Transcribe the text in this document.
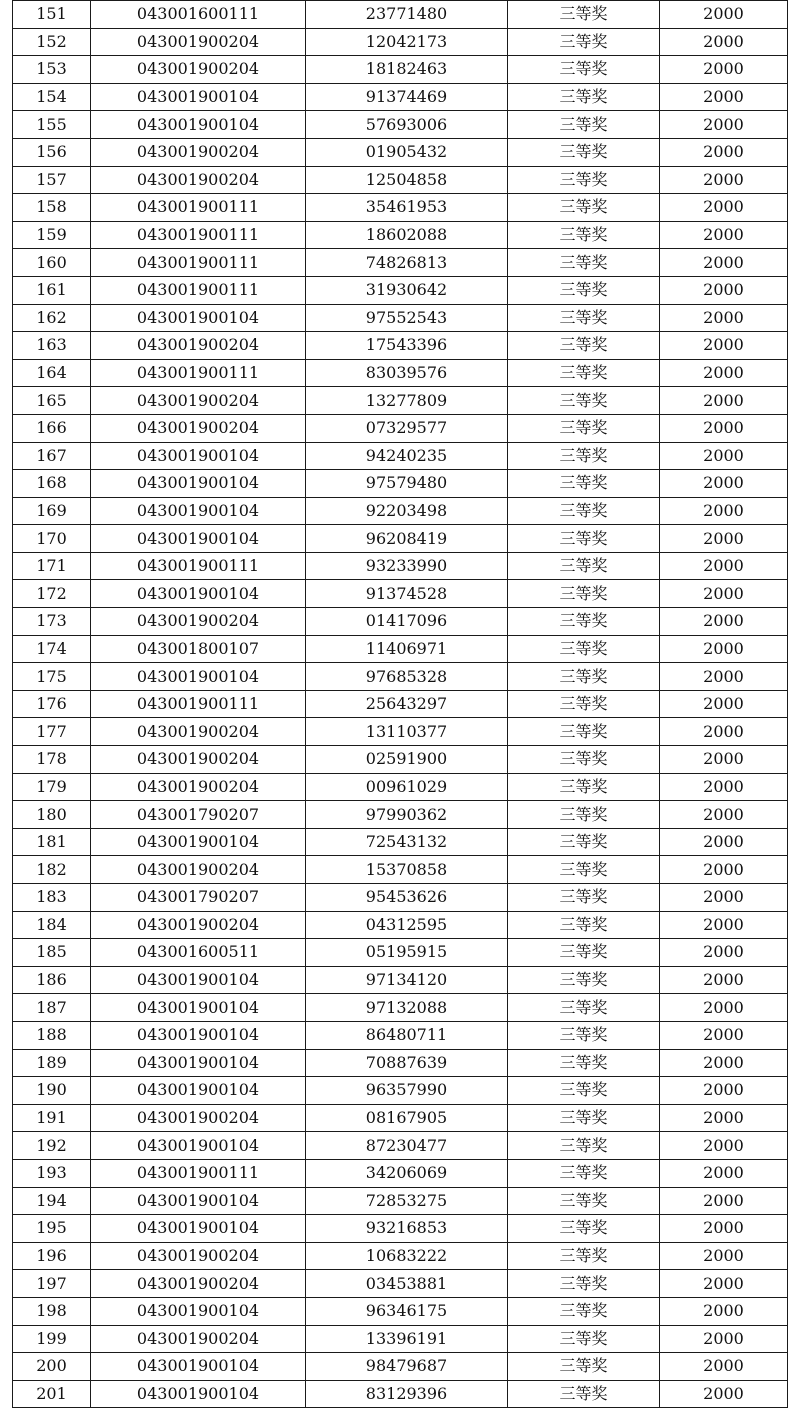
151	043001600111	23771480	三等奖	2000
152	043001900204	12042173	三等奖	2000
153	043001900204	18182463	三等奖	2000
154	043001900104	91374469	三等奖	2000
155	043001900104	57693006	三等奖	2000
156	043001900204	01905432	三等奖	2000
157	043001900204	12504858	三等奖	2000
158	043001900111	35461953	三等奖	2000
159	043001900111	18602088	三等奖	2000
160	043001900111	74826813	三等奖	2000
161	043001900111	31930642	三等奖	2000
162	043001900104	97552543	三等奖	2000
163	043001900204	17543396	三等奖	2000
164	043001900111	83039576	三等奖	2000
165	043001900204	13277809	三等奖	2000
166	043001900204	07329577	三等奖	2000
167	043001900104	94240235	三等奖	2000
168	043001900104	97579480	三等奖	2000
169	043001900104	92203498	三等奖	2000
170	043001900104	96208419	三等奖	2000
171	043001900111	93233990	三等奖	2000
172	043001900104	91374528	三等奖	2000
173	043001900204	01417096	三等奖	2000
174	043001800107	11406971	三等奖	2000
175	043001900104	97685328	三等奖	2000
176	043001900111	25643297	三等奖	2000
177	043001900204	13110377	三等奖	2000
178	043001900204	02591900	三等奖	2000
179	043001900204	00961029	三等奖	2000
180	043001790207	97990362	三等奖	2000
181	043001900104	72543132	三等奖	2000
182	043001900204	15370858	三等奖	2000
183	043001790207	95453626	三等奖	2000
184	043001900204	04312595	三等奖	2000
185	043001600511	05195915	三等奖	2000
186	043001900104	97134120	三等奖	2000
187	043001900104	97132088	三等奖	2000
188	043001900104	86480711	三等奖	2000
189	043001900104	70887639	三等奖	2000
190	043001900104	96357990	三等奖	2000
191	043001900204	08167905	三等奖	2000
192	043001900104	87230477	三等奖	2000
193	043001900111	34206069	三等奖	2000
194	043001900104	72853275	三等奖	2000
195	043001900104	93216853	三等奖	2000
196	043001900204	10683222	三等奖	2000
197	043001900204	03453881	三等奖	2000
198	043001900104	96346175	三等奖	2000
199	043001900204	13396191	三等奖	2000
200	043001900104	98479687	三等奖	2000
201	043001900104	83129396	三等奖	2000
